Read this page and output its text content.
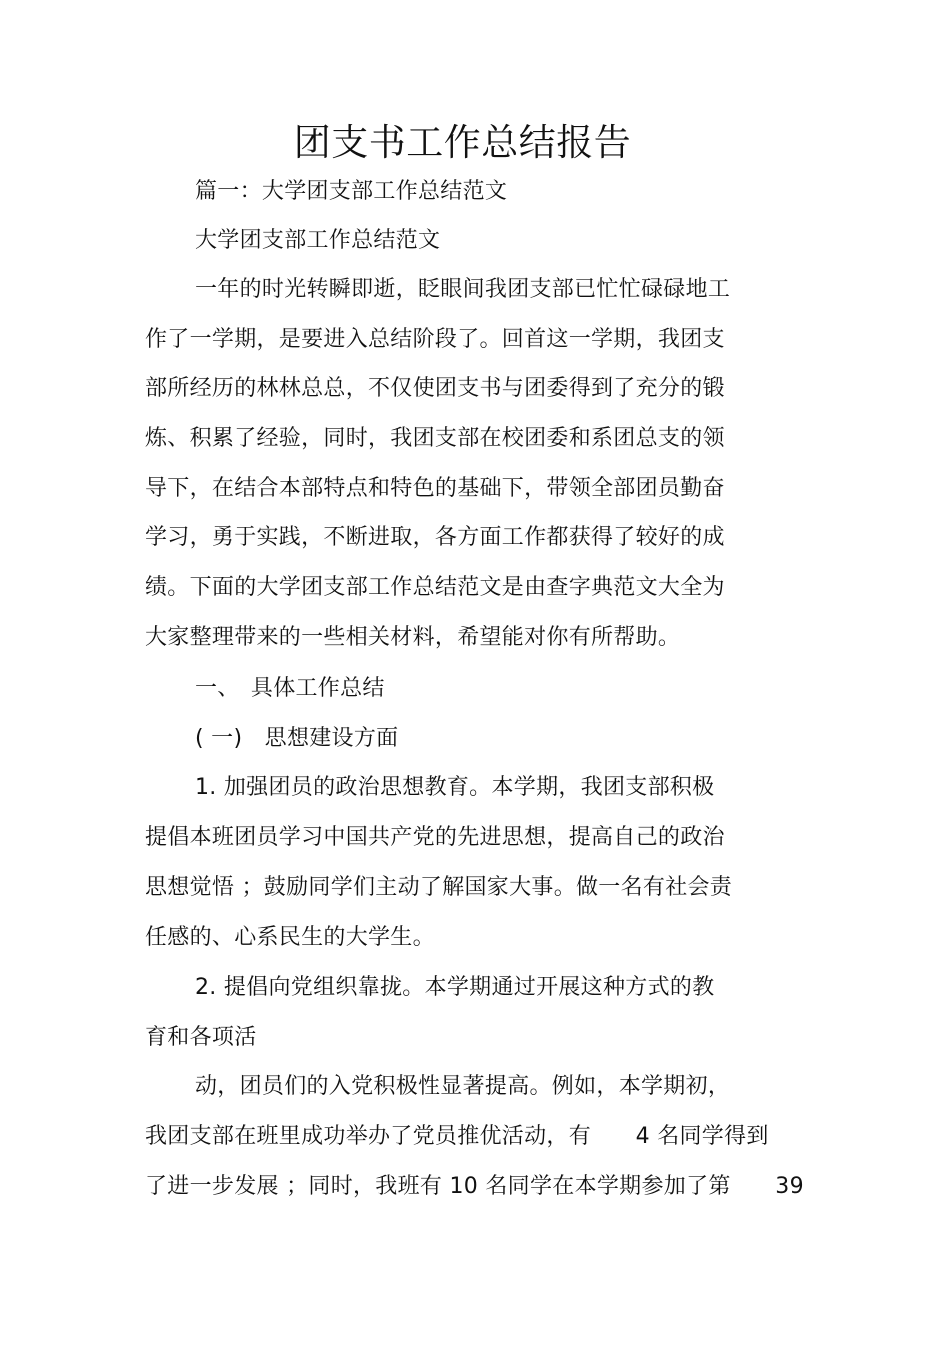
团支书工作总结报告
篇一：大学团支部工作总结范文
大学团支部工作总结范文
一年的时光转瞬即逝，眨眼间我团支部已忙忙碌碌地工
作了一学期，是要进入总结阶段了。回首这一学期，我团支
部所经历的林林总总，不仅使团支书与团委得到了充分的锻
炼、积累了经验，同时，我团支部在校团委和系团总支的领
导下，在结合本部特点和特色的基础下，带领全部团员勤奋
学习，勇于实践，不断进取，各方面工作都获得了较好的成
绩。下面的大学团支部工作总结范文是由查字典范文大全为
大家整理带来的一些相关材料，希望能对你有所帮助。
一、　具体工作总结
( 一)　思想建设方面
1. 加强团员的政治思想教育。本学期，我团支部积极
提倡本班团员学习中国共产党的先进思想，提高自己的政治
思想觉悟 ；鼓励同学们主动了解国家大事。做一名有社会责
任感的、心系民生的大学生。
2. 提倡向党组织靠拢。本学期通过开展这种方式的教
育和各项活
动，团员们的入党积极性显著提高。例如，本学期初，
我团支部在班里成功举办了党员推优活动，有　　4 名同学得到
了进一步发展 ；同时，我班有 10 名同学在本学期参加了第　　39
